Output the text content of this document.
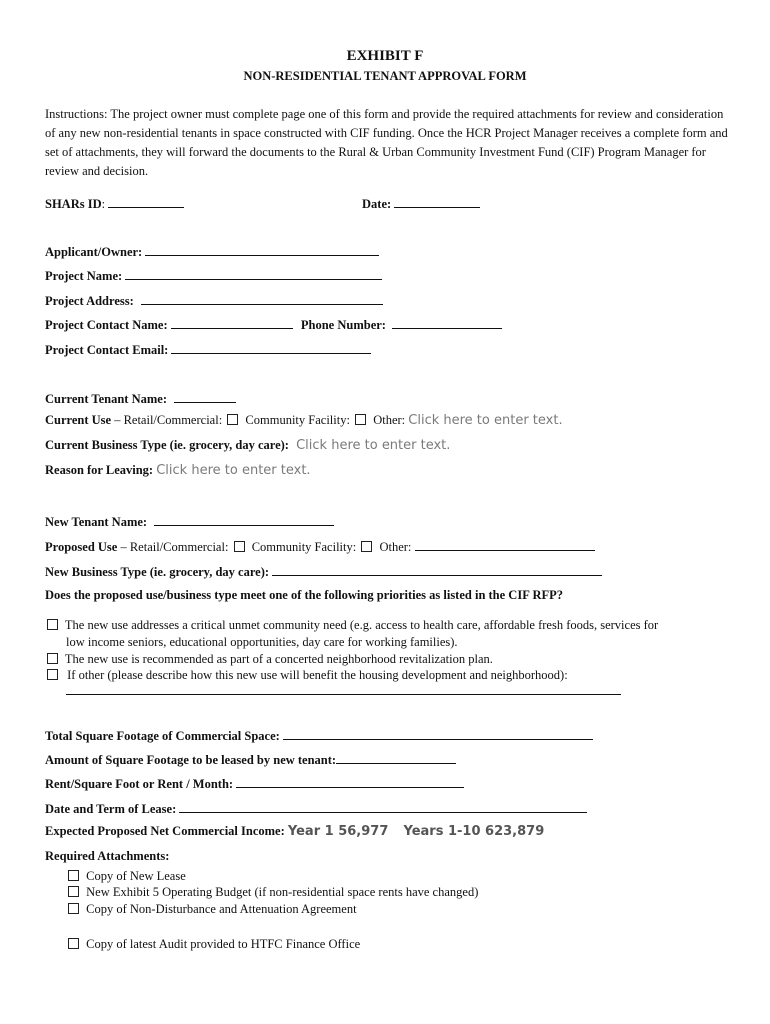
EXHIBIT F
NON-RESIDENTIAL TENANT APPROVAL FORM
Instructions: The project owner must complete page one of this form and provide the required attachments for review and consideration of any new non-residential tenants in space constructed with CIF funding. Once the HCR Project Manager receives a complete form and set of attachments, they will forward the documents to the Rural & Urban Community Investment Fund (CIF) Program Manager for review and decision.
SHARs ID:	Date:
Applicant/Owner:
Project Name:
Project Address:
Project Contact Name:	Phone Number:
Project Contact Email:
Current Tenant Name:
Current Use – Retail/Commercial: Community Facility: Other: Click here to enter text.
Current Business Type (ie. grocery, day care): Click here to enter text.
Reason for Leaving: Click here to enter text.
New Tenant Name:
Proposed Use – Retail/Commercial: Community Facility: Other:
New Business Type (ie. grocery, day care):
Does the proposed use/business type meet one of the following priorities as listed in the CIF RFP?
The new use addresses a critical unmet community need (e.g. access to health care, affordable fresh foods, services for
low income seniors, educational opportunities, day care for working families).
The new use is recommended as part of a concerted neighborhood revitalization plan.
If other (please describe how this new use will benefit the housing development and neighborhood):
Total Square Footage of Commercial Space:
Amount of Square Footage to be leased by new tenant:
Rent/Square Foot or Rent / Month:
Date and Term of Lease:
Expected Proposed Net Commercial Income: Year 1 56,977 Years 1-10 623,879
Required Attachments:
Copy of New Lease
New Exhibit 5 Operating Budget (if non-residential space rents have changed)
Copy of Non-Disturbance and Attenuation Agreement
Copy of latest Audit provided to HTFC Finance Office
